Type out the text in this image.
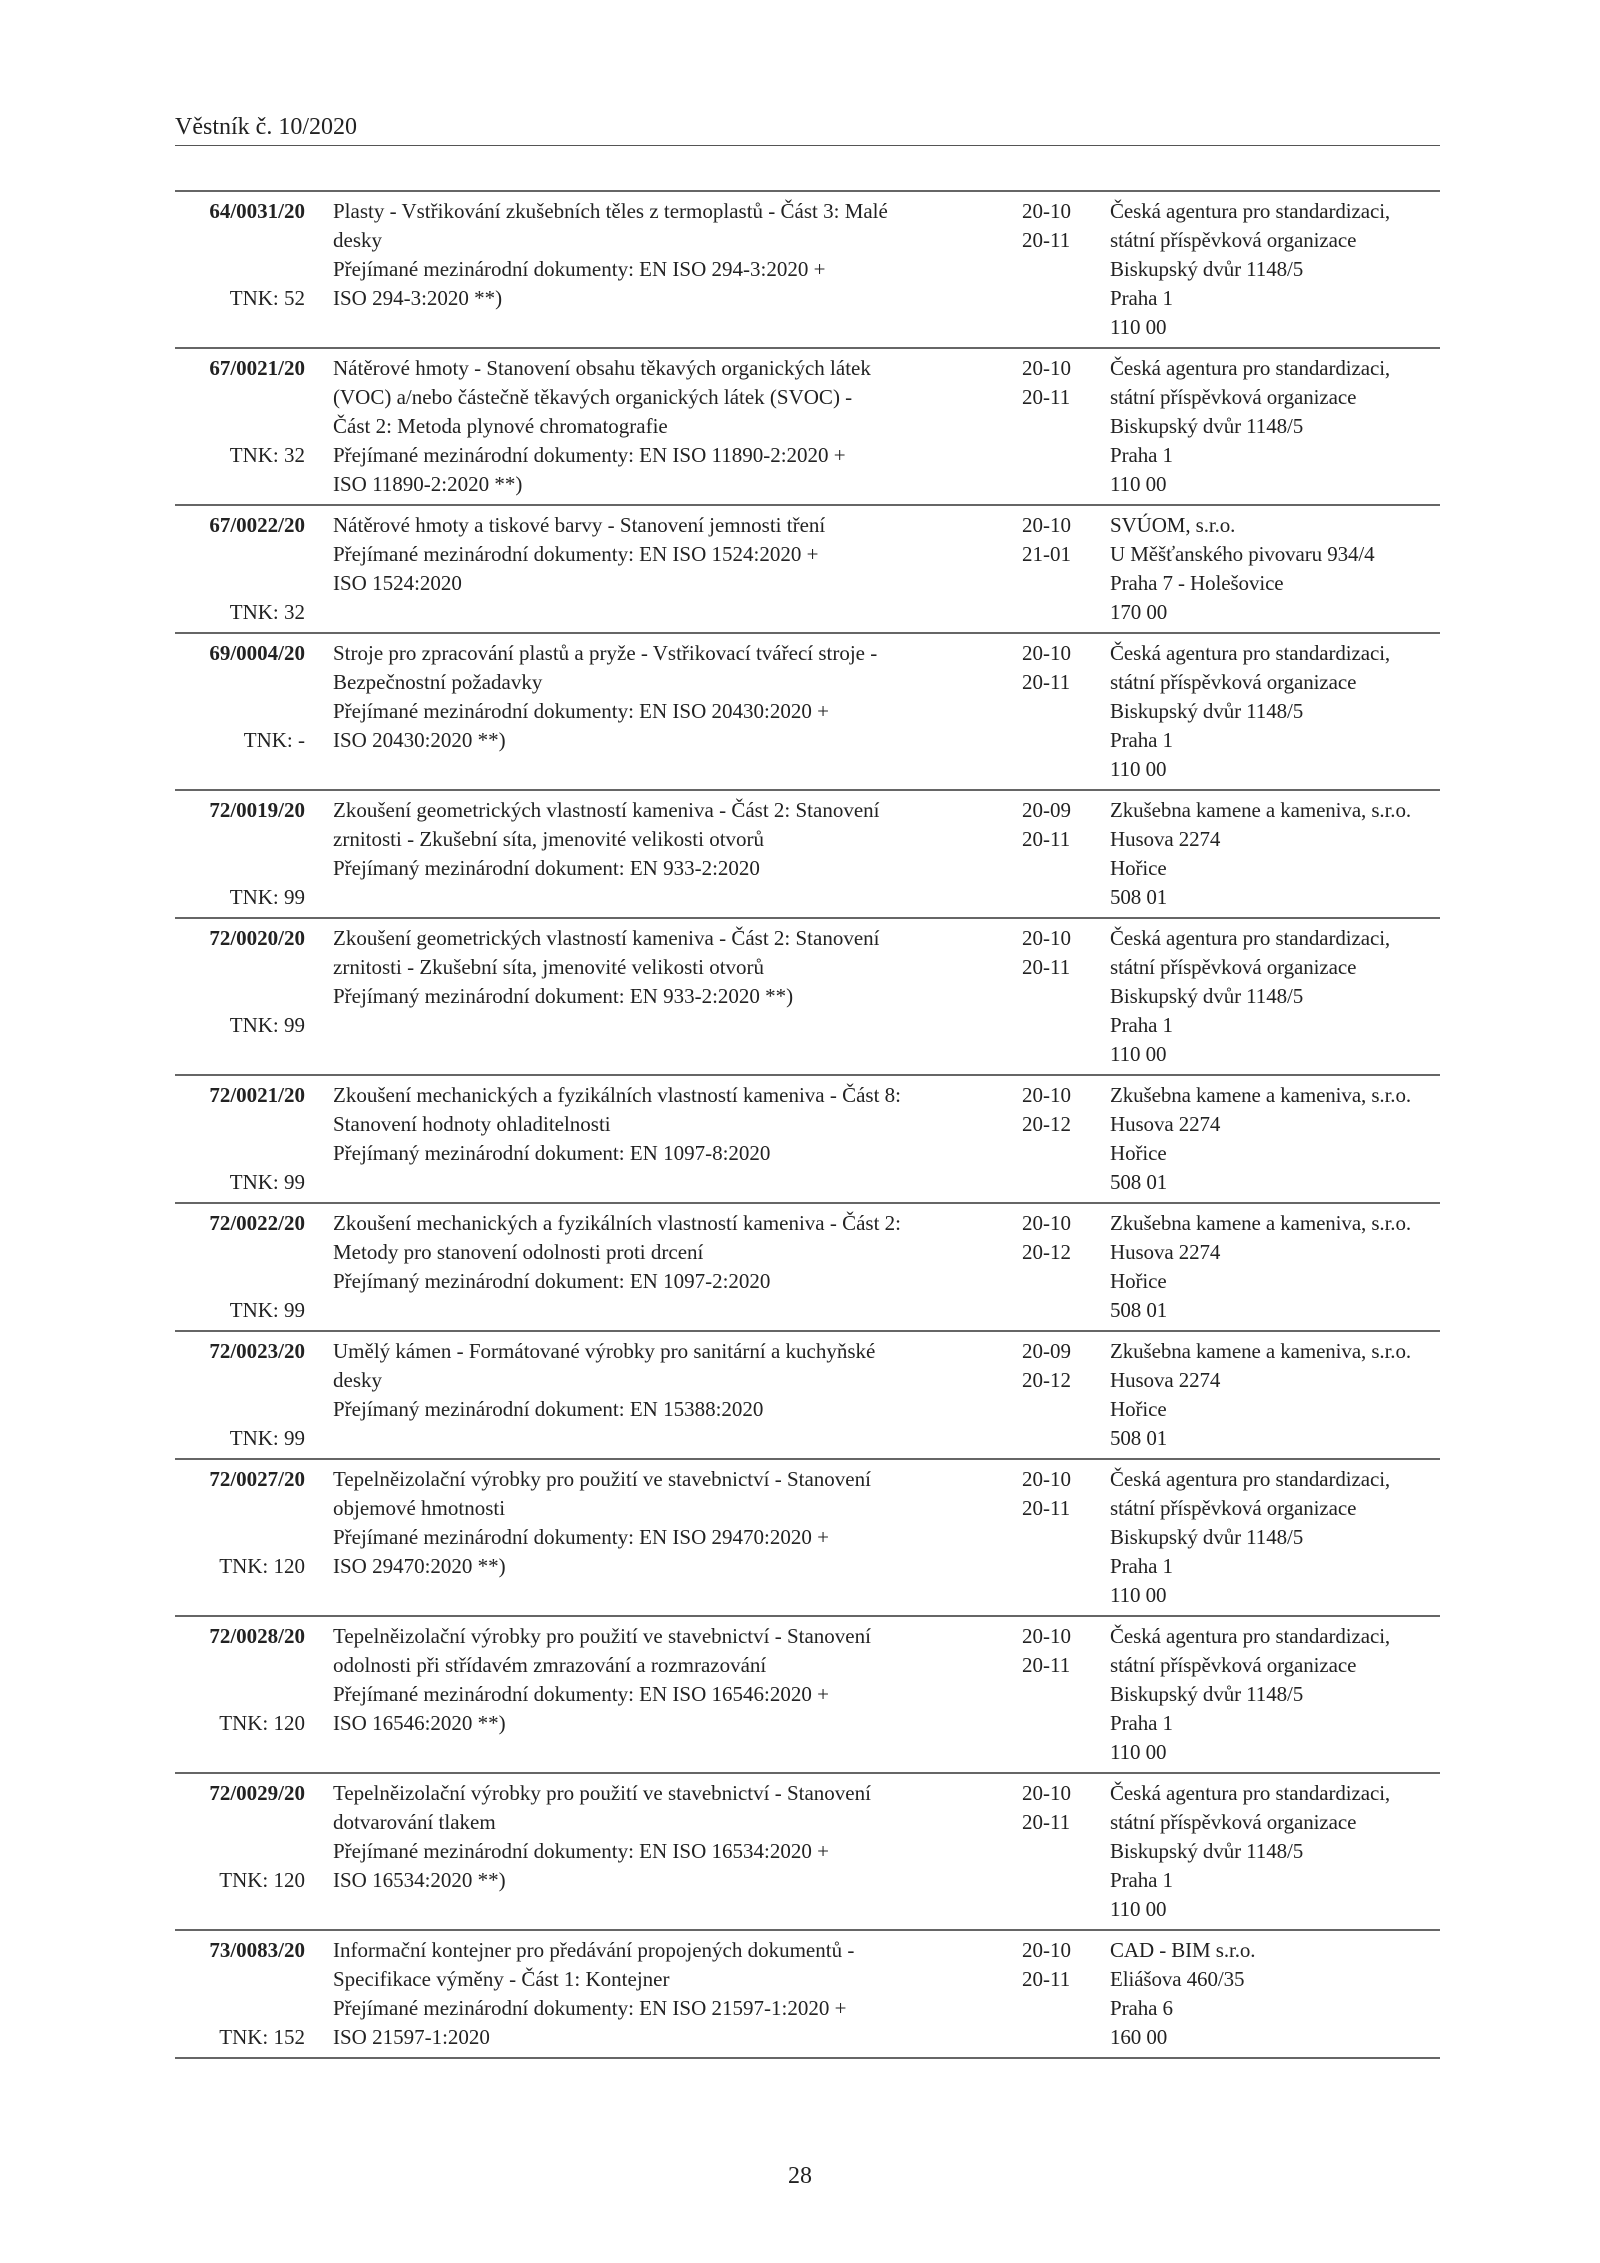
Věstník č. 10/2020
64/0031/20
TNK: 52
Plasty - Vstřikování zkušebních těles z termoplastů - Část 3: Malé
desky
Přejímané mezinárodní dokumenty: EN ISO 294-3:2020 +
ISO 294-3:2020 **)
20-10
20-11
Česká agentura pro standardizaci,
státní příspěvková organizace
Biskupský dvůr 1148/5
Praha 1
110 00
67/0021/20
TNK: 32
Nátěrové hmoty - Stanovení obsahu těkavých organických látek
(VOC) a/nebo částečně těkavých organických látek (SVOC) -
Část 2: Metoda plynové chromatografie
Přejímané mezinárodní dokumenty: EN ISO 11890-2:2020 +
ISO 11890-2:2020 **)
20-10
20-11
Česká agentura pro standardizaci,
státní příspěvková organizace
Biskupský dvůr 1148/5
Praha 1
110 00
67/0022/20
TNK: 32
Nátěrové hmoty a tiskové barvy - Stanovení jemnosti tření
Přejímané mezinárodní dokumenty: EN ISO 1524:2020 +
ISO 1524:2020
20-10
21-01
SVÚOM, s.r.o.
U Měšťanského pivovaru 934/4
Praha 7 - Holešovice
170 00
69/0004/20
TNK: -
Stroje pro zpracování plastů a pryže - Vstřikovací tvářecí stroje -
Bezpečnostní požadavky
Přejímané mezinárodní dokumenty: EN ISO 20430:2020 +
ISO 20430:2020 **)
20-10
20-11
Česká agentura pro standardizaci,
státní příspěvková organizace
Biskupský dvůr 1148/5
Praha 1
110 00
72/0019/20
TNK: 99
Zkoušení geometrických vlastností kameniva - Část 2: Stanovení
zrnitosti - Zkušební síta, jmenovité velikosti otvorů
Přejímaný mezinárodní dokument: EN 933-2:2020
20-09
20-11
Zkušebna kamene a kameniva, s.r.o.
Husova 2274
Hořice
508 01
72/0020/20
TNK: 99
Zkoušení geometrických vlastností kameniva - Část 2: Stanovení
zrnitosti - Zkušební síta, jmenovité velikosti otvorů
Přejímaný mezinárodní dokument: EN 933-2:2020 **)
20-10
20-11
Česká agentura pro standardizaci,
státní příspěvková organizace
Biskupský dvůr 1148/5
Praha 1
110 00
72/0021/20
TNK: 99
Zkoušení mechanických a fyzikálních vlastností kameniva - Část 8:
Stanovení hodnoty ohladitelnosti
Přejímaný mezinárodní dokument: EN 1097-8:2020
20-10
20-12
Zkušebna kamene a kameniva, s.r.o.
Husova 2274
Hořice
508 01
72/0022/20
TNK: 99
Zkoušení mechanických a fyzikálních vlastností kameniva - Část 2:
Metody pro stanovení odolnosti proti drcení
Přejímaný mezinárodní dokument: EN 1097-2:2020
20-10
20-12
Zkušebna kamene a kameniva, s.r.o.
Husova 2274
Hořice
508 01
72/0023/20
TNK: 99
Umělý kámen - Formátované výrobky pro sanitární a kuchyňské
desky
Přejímaný mezinárodní dokument: EN 15388:2020
20-09
20-12
Zkušebna kamene a kameniva, s.r.o.
Husova 2274
Hořice
508 01
72/0027/20
TNK: 120
Tepelněizolační výrobky pro použití ve stavebnictví - Stanovení
objemové hmotnosti
Přejímané mezinárodní dokumenty: EN ISO 29470:2020 +
ISO 29470:2020 **)
20-10
20-11
Česká agentura pro standardizaci,
státní příspěvková organizace
Biskupský dvůr 1148/5
Praha 1
110 00
72/0028/20
TNK: 120
Tepelněizolační výrobky pro použití ve stavebnictví - Stanovení
odolnosti při střídavém zmrazování a rozmrazování
Přejímané mezinárodní dokumenty: EN ISO 16546:2020 +
ISO 16546:2020 **)
20-10
20-11
Česká agentura pro standardizaci,
státní příspěvková organizace
Biskupský dvůr 1148/5
Praha 1
110 00
72/0029/20
TNK: 120
Tepelněizolační výrobky pro použití ve stavebnictví - Stanovení
dotvarování tlakem
Přejímané mezinárodní dokumenty: EN ISO 16534:2020 +
ISO 16534:2020 **)
20-10
20-11
Česká agentura pro standardizaci,
státní příspěvková organizace
Biskupský dvůr 1148/5
Praha 1
110 00
73/0083/20
TNK: 152
Informační kontejner pro předávání propojených dokumentů -
Specifikace výměny - Část 1: Kontejner
Přejímané mezinárodní dokumenty: EN ISO 21597-1:2020 +
ISO 21597-1:2020
20-10
20-11
CAD - BIM s.r.o.
Eliášova 460/35
Praha 6
160 00
28
